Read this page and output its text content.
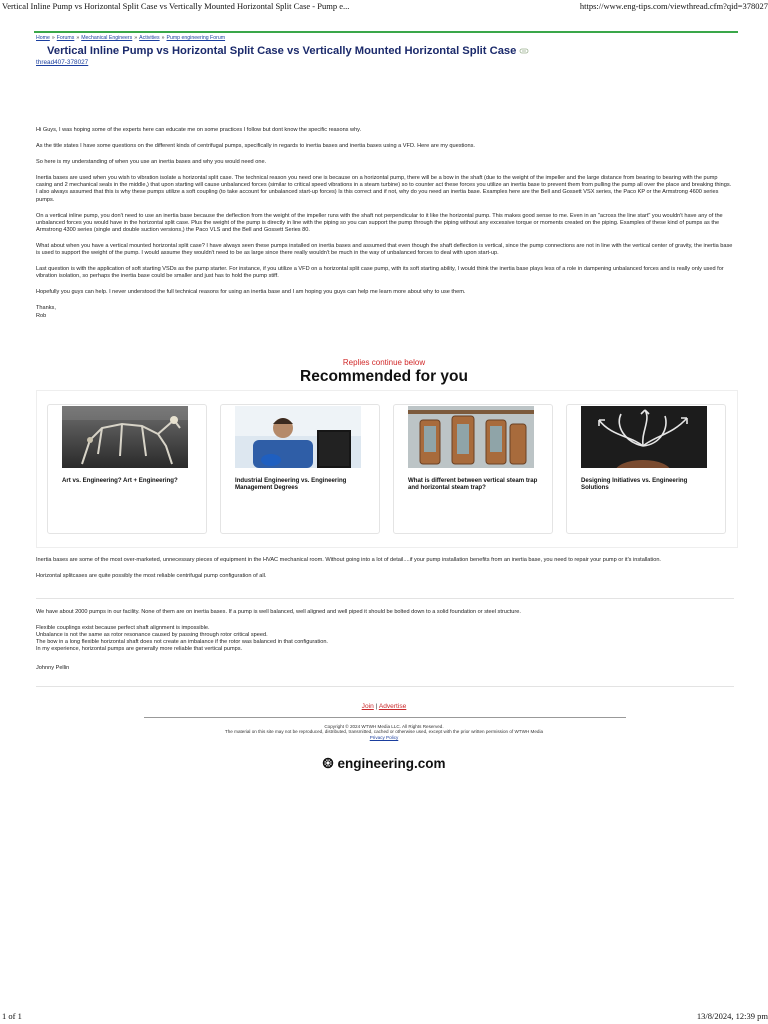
Vertical Inline Pump vs Horizontal Split Case vs Vertically Mounted Horizontal Split Case - Pump e...	https://www.eng-tips.com/viewthread.cfm?qid=378027
Home » Forums » Mechanical Engineers » Activities » Pump engineering Forum
Vertical Inline Pump vs Horizontal Split Case vs Vertically Mounted Horizontal Split Case
thread407-378027

Hi Guys, I was hoping some of the experts here can educate me on some practices I follow but dont know the specific reasons why.

As the title states I have some questions on the different kinds of centrifugal pumps, specifically in regards to inertia bases and inertia bases using a VFD. Here are my questions.

So here is my understanding of when you use an inertia bases and why you would need one.

Inertia bases are used when you wish to vibration isolate a horizontal split case. The technical reason you need one is because on a horizontal pump, there will be a bow in the shaft (due to the weight of the impeller and the large distance from bearing to bearing with the pump casing and 2 mechanical seals in the middle,) that upon starting will cause unbalanced forces (similar to critical speed vibrations in a steam turbine) so to counter act these forces you utilize an inertia base to prevent them from pulling the pump all over the place and breaking things. I also always assumed that this is why these pumps utilize a soft coupling (to take account for unbalanced start-up forces) Is this correct and if not, why do you need an inertia base. Examples here are the Bell and Gossett VSX series, the Paco KP or the Armstrong 4600 series pumps.

On a vertical inline pump, you don't need to use an inertia base because the deflection from the weight of the impeller runs with the shaft not perpendicular to it like the horizontal pump. This makes good sense to me. Even in an "across the line start" you wouldn't have any of the unbalanced forces you would have in the horizontal split case. Plus the weight of the pump is directly in line with the piping so you can support the pump through the piping without any excessive torque or moments created on the piping. Examples of these kind of pumps as the Armstrong 4300 series (single and double suction versions,) the Paco VLS and the Bell and Gossett Series 80.

What about when you have a vertical mounted horizontal split case? I have always seen these pumps installed on inertia bases and assumed that even though the shaft deflection is vertical, since the pump connections are not in line with the vertical center of gravity, the inertia base is used to support the weight of the pump. I would assume they wouldn't need to be as large since there really wouldn't be much in the way of unbalanced forces to deal with upon start-up.

Last question is with the application of soft starting VSDs as the pump starter. For instance, if you utilize a VFD on a horizontal split case pump, with its soft starting ability, I would think the inertia base plays less of a role in dampening unbalanced forces and is really only used for vibration isolation, so perhaps the inertia base could be smaller and just has to hold the pump stiff.

Hopefully you guys can help. I never understood the full technical reasons for using an inertia base and I am hoping you guys can help me learn more about why to use them.

Thanks,
Rob
Replies continue below
Recommended for you
Art vs. Engineering? Art + Engineering?	Industrial Engineering vs. Engineering Management Degrees
What is different between vertical steam trap and horizontal steam trap?
Designing Initiatives vs. Engineering Solutions

Inertia bases are some of the most over-marketed, unnecessary pieces of equipment in the HVAC mechanical room. Without going into a lot of detail....if your pump installation benefits from an inertia base, you need to repair your pump or it's installation.

Horizontal splitcases are quite possibly the most reliable centrifugal pump configuration of all.

We have about 2000 pumps in our facility. None of them are on inertia bases. If a pump is well balanced, well aligned and well piped it should be bolted down to a solid foundation or steel structure.

Flexible couplings exist because perfect shaft alignment is impossible.

Unbalance is not the same as rotor resonance caused by passing through rotor critical speed.

The bow in a long flexible horizontal shaft does not create an imbalance if the rotor was balanced in that configuration.

In my experience, horizontal pumps are generally more reliable that vertical pumps.

Johnny Pellin

Join | Advertise
Copyright © 2024 WTWH Media LLC. All Rights Reserved.
The material on this site may not be reproduced, distributed, transmitted, cached or otherwise used, except with the prior written permission of WTWH Media
Privacy Policy
engineering.com
1 of 1	13/8/2024, 12:39 pm
